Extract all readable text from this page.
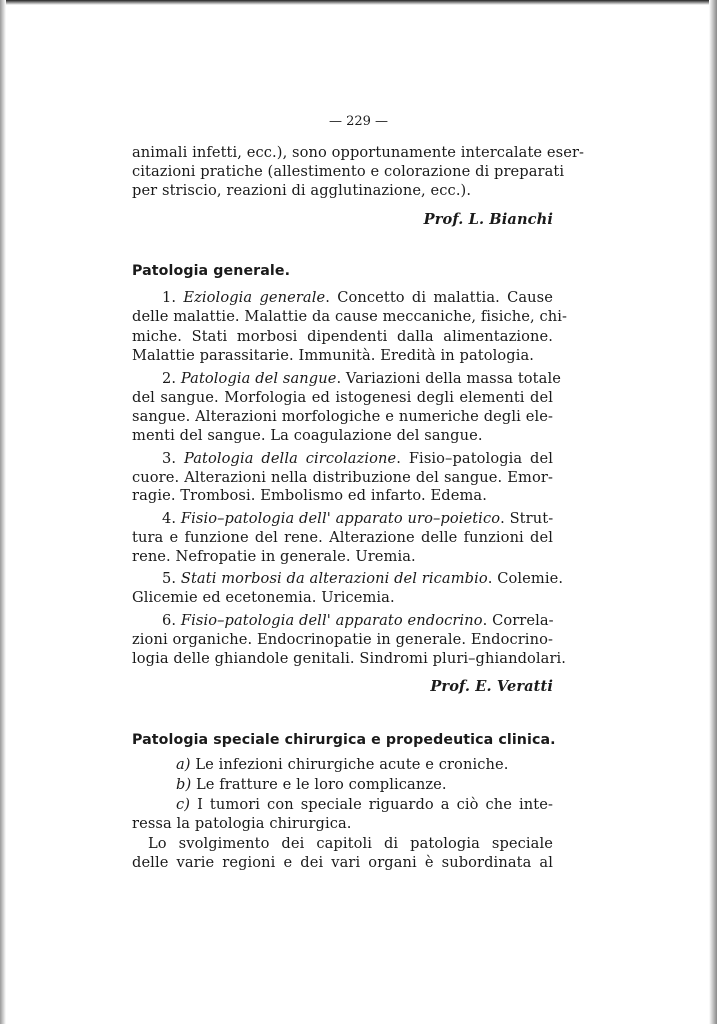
— 229 —
animali infetti, ecc.), sono opportunamente intercalate eser-
citazioni pratiche (allestimento e colorazione di preparati
per striscio, reazioni di agglutinazione, ecc.).
Prof. L. Bianchi
Patologia generale.
1. Eziologia generale. Concetto di malattia. Cause
delle malattie. Malattie da cause meccaniche, fisiche, chi-
miche. Stati morbosi dipendenti dalla alimentazione.
Malattie parassitarie. Immunità. Eredità in patologia.
2. Patologia del sangue. Variazioni della massa totale
del sangue. Morfologia ed istogenesi degli elementi del
sangue. Alterazioni morfologiche e numeriche degli ele-
menti del sangue. La coagulazione del sangue.
3. Patologia della circolazione. Fisio–patologia del
cuore. Alterazioni nella distribuzione del sangue. Emor-
ragie. Trombosi. Embolismo ed infarto. Edema.
4. Fisio–patologia dell' apparato uro–poietico. Strut-
tura e funzione del rene. Alterazione delle funzioni del
rene. Nefropatie in generale. Uremia.
5. Stati morbosi da alterazioni del ricambio. Colemie.
Glicemie ed ecetonemia. Uricemia.
6. Fisio–patologia dell' apparato endocrino. Correla-
zioni organiche. Endocrinopatie in generale. Endocrino-
logia delle ghiandole genitali. Sindromi pluri–ghiandolari.
Prof. E. Veratti
Patologia speciale chirurgica e propedeutica clinica.
a) Le infezioni chirurgiche acute e croniche.
b) Le fratture e le loro complicanze.
c) I tumori con speciale riguardo a ciò che inte-
ressa la patologia chirurgica.
Lo svolgimento dei capitoli di patologia speciale
delle varie regioni e dei vari organi è subordinata al
